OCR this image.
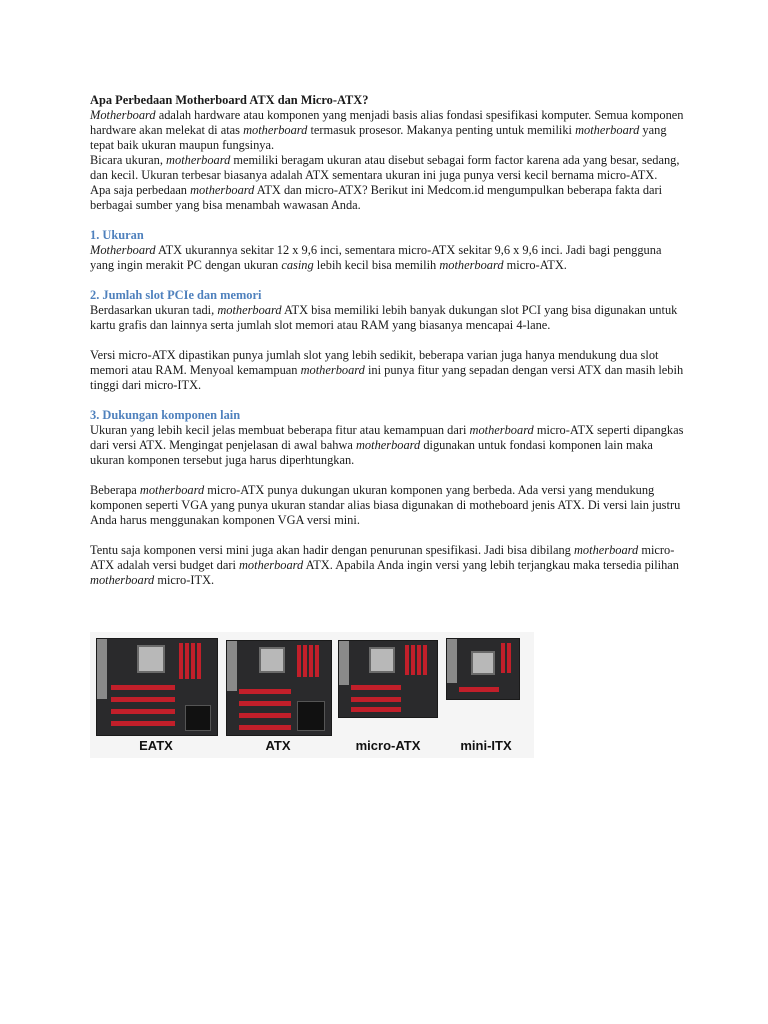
Apa Perbedaan Motherboard ATX dan Micro-ATX?

Motherboard adalah hardware atau komponen yang menjadi basis alias fondasi spesifikasi komputer. Semua komponen hardware akan melekat di atas motherboard termasuk prosesor. Makanya penting untuk memiliki motherboard yang tepat baik ukuran maupun fungsinya.

Bicara ukuran, motherboard memiliki beragam ukuran atau disebut sebagai form factor karena ada yang besar, sedang, dan kecil. Ukuran terbesar biasanya adalah ATX sementara ukuran ini juga punya versi kecil bernama micro-ATX.

Apa saja perbedaan motherboard ATX dan micro-ATX? Berikut ini Medcom.id mengumpulkan beberapa fakta dari berbagai sumber yang bisa menambah wawasan Anda.

1. Ukuran

Motherboard ATX ukurannya sekitar 12 x 9,6 inci, sementara micro-ATX sekitar 9,6 x 9,6 inci. Jadi bagi pengguna yang ingin merakit PC dengan ukuran casing lebih kecil bisa memilih motherboard micro-ATX.

2. Jumlah slot PCIe dan memori

Berdasarkan ukuran tadi, motherboard ATX bisa memiliki lebih banyak dukungan slot PCI yang bisa digunakan untuk kartu grafis dan lainnya serta jumlah slot memori atau RAM yang biasanya mencapai 4-lane.

Versi micro-ATX dipastikan punya jumlah slot yang lebih sedikit, beberapa varian juga hanya mendukung dua slot memori atau RAM. Menyoal kemampuan motherboard ini punya fitur yang sepadan dengan versi ATX dan masih lebih tinggi dari micro-ITX.

3. Dukungan komponen lain

Ukuran yang lebih kecil jelas membuat beberapa fitur atau kemampuan dari motherboard micro-ATX seperti dipangkas dari versi ATX. Mengingat penjelasan di awal bahwa motherboard digunakan untuk fondasi komponen lain maka ukuran komponen tersebut juga harus diperhtungkan.

Beberapa motherboard micro-ATX punya dukungan ukuran komponen yang berbeda. Ada versi yang mendukung komponen seperti VGA yang punya ukuran standar alias biasa digunakan di motheboard jenis ATX. Di versi lain justru Anda harus menggunakan komponen VGA versi mini.

Tentu saja komponen versi mini juga akan hadir dengan penurunan spesifikasi. Jadi bisa dibilang motherboard micro-ATX adalah versi budget dari motherboard ATX. Apabila Anda ingin versi yang lebih terjangkau maka tersedia pilihan motherboard micro-ITX.

EATX	ATX	micro-ATX	mini-ITX
